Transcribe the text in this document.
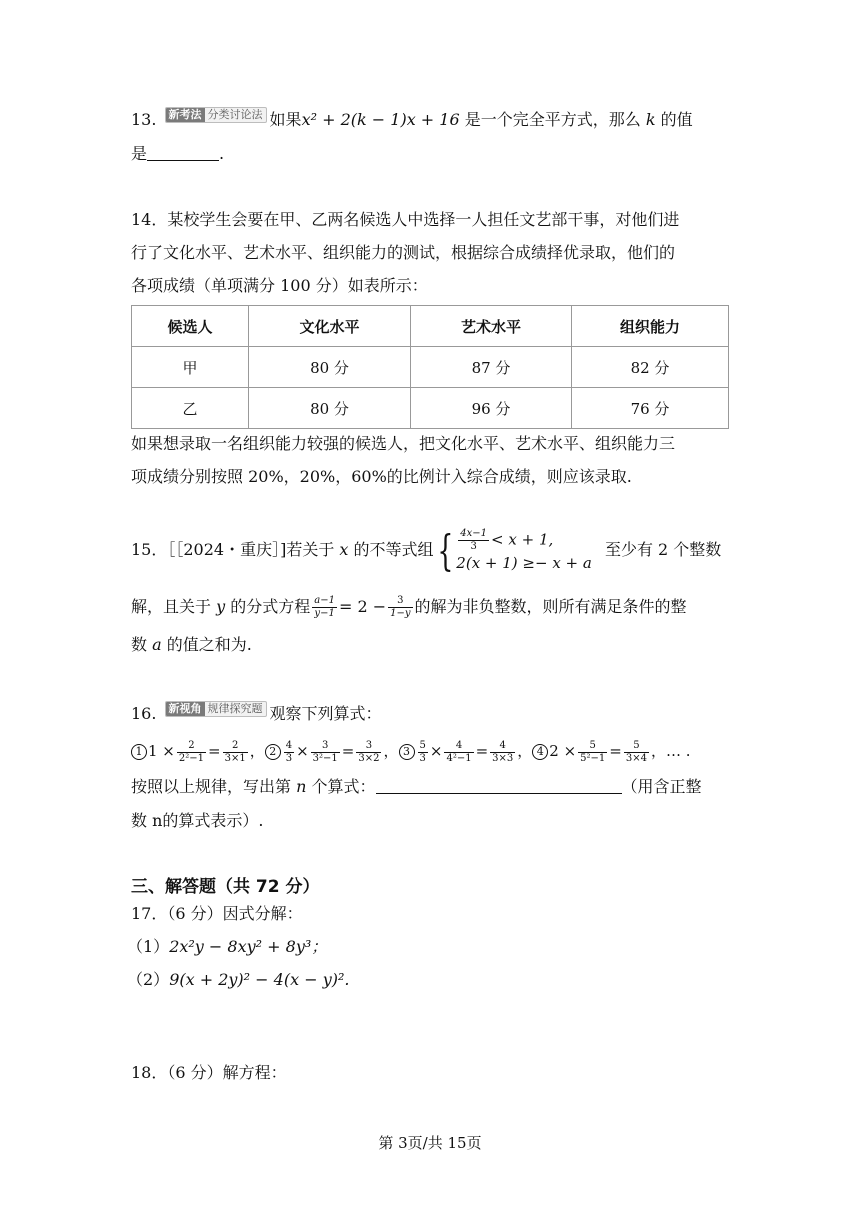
13. 新考法 分类讨论法 如果x² + 2(k − 1)x + 16 是一个完全平方式，那么 k 的值
是	.
14．某校学生会要在甲、乙两名候选人中选择一人担任文艺部干事，对他们进
行了文化水平、艺术水平、组织能力的测试，根据综合成绩择优录取，他们的
各项成绩（单项满分 100 分）如表所示：
候选人	文化水平	艺术水平	组织能力
甲	80 分	87 分	82 分
乙	80 分	96 分	76 分
如果想录取一名组织能力较强的候选人，把文化水平、艺术水平、组织能力三
项成绩分别按照 20%，20%，60%的比例计入综合成绩，则应该录取.
15．［［2024・重庆］]若关于 x 的不等式组{ $\frac{4x-1}{3} < x + 1$,
2(x + 1) ≥− x + a
至少有 2 个整数
解，且关于 y 的分式方程 $\frac{a-1}{y-1} = 2 - \frac{3}{1-y}$ 的解为非负整数，则所有满足条件的整
数 a 的值之和为.
16. 新视角 规律探究题 观察下列算式：
1 $1 \times \frac{2}{\text{2²−1}} = \frac{2}{3\times 1}$ ， $2 \frac{4}{3} \times \frac{3}{\text{3²−1}} = \frac{3}{3\times 2}$ ， $3 \frac{5}{3} \times \frac{4}{\text{4²−1}} = \frac{4}{3\times 3}$ ， 4 $2 \times \frac{5}{\text{5²−1}} = \frac{5}{3\times 4}$ ，… .
按照以上规律，写出第 n 个算式：	（用含正整
数 n的算式表示）.
三、解答题（共 72 分）
17．（6 分）因式分解：
（1）2x²y − 8xy² + 8y³；
（2）9(x + 2y)² − 4(x − y)².
18．（6 分）解方程：
第 3页/共 15页
